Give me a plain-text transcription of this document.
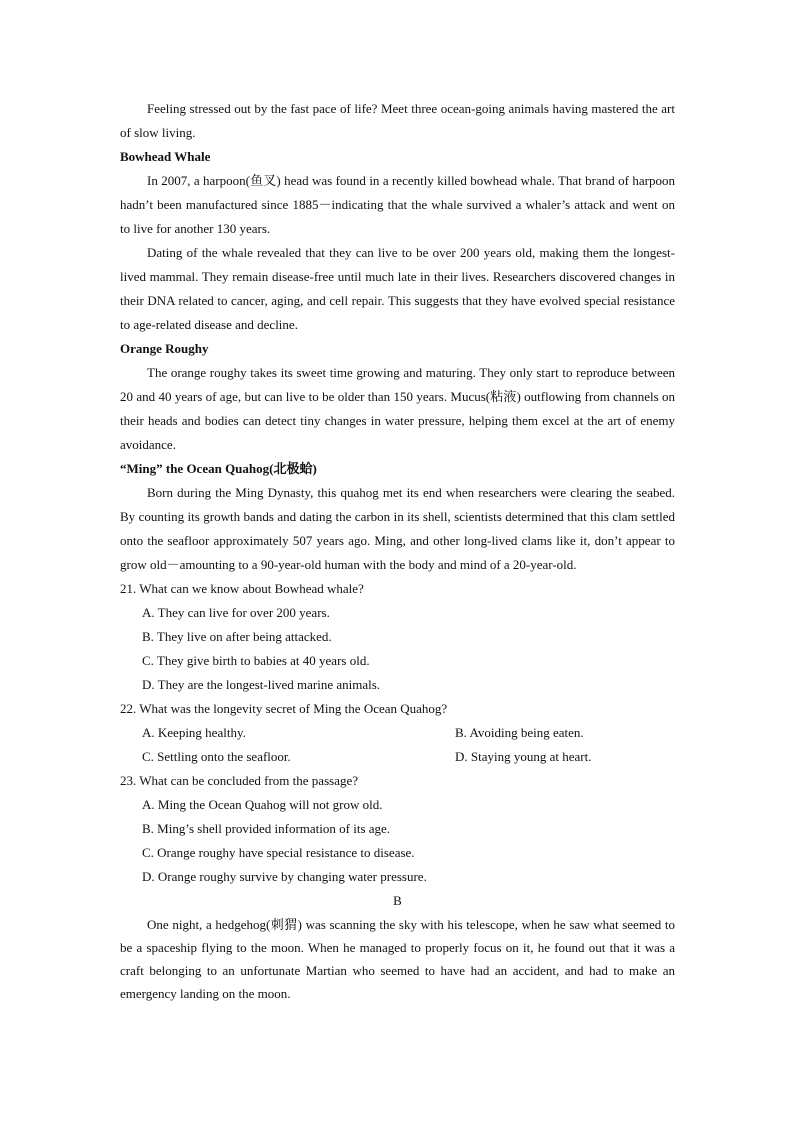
Feeling stressed out by the fast pace of life? Meet three ocean-going animals having mastered the art of slow living.

Bowhead Whale

In 2007, a harpoon(鱼叉) head was found in a recently killed bowhead whale. That brand of harpoon hadn’t been manufactured since 1885－indicating that the whale survived a whaler’s attack and went on to live for another 130 years.

Dating of the whale revealed that they can live to be over 200 years old, making them the longest-lived mammal. They remain disease-free until much late in their lives. Researchers discovered changes in their DNA related to cancer, aging, and cell repair. This suggests that they have evolved special resistance to age-related disease and decline.

Orange Roughy

The orange roughy takes its sweet time growing and maturing. They only start to reproduce between 20 and 40 years of age, but can live to be older than 150 years. Mucus(粘液) outflowing from channels on their heads and bodies can detect tiny changes in water pressure, helping them excel at the art of enemy avoidance.

“Ming” the Ocean Quahog(北极蛤)

Born during the Ming Dynasty, this quahog met its end when researchers were clearing the seabed. By counting its growth bands and dating the carbon in its shell, scientists determined that this clam settled onto the seafloor approximately 507 years ago. Ming, and other long-lived clams like it, don’t appear to grow old－amounting to a 90-year-old human with the body and mind of a 20-year-old.

21. What can we know about Bowhead whale?

A. They can live for over 200 years.

B. They live on after being attacked.

C. They give birth to babies at 40 years old.

D. They are the longest-lived marine animals.

22. What was the longevity secret of Ming the Ocean Quahog?

A. Keeping healthy.	B. Avoiding being eaten.

C. Settling onto the seafloor.	D. Staying young at heart.

23. What can be concluded from the passage?

A. Ming the Ocean Quahog will not grow old.

B. Ming’s shell provided information of its age.

C. Orange roughy have special resistance to disease.

D. Orange roughy survive by changing water pressure.

B

One night, a hedgehog(刺猬) was scanning the sky with his telescope, when he saw what seemed to be a spaceship flying to the moon. When he managed to properly focus on it, he found out that it was a craft belonging to an unfortunate Martian who seemed to have had an accident, and had to make an emergency landing on the moon.
